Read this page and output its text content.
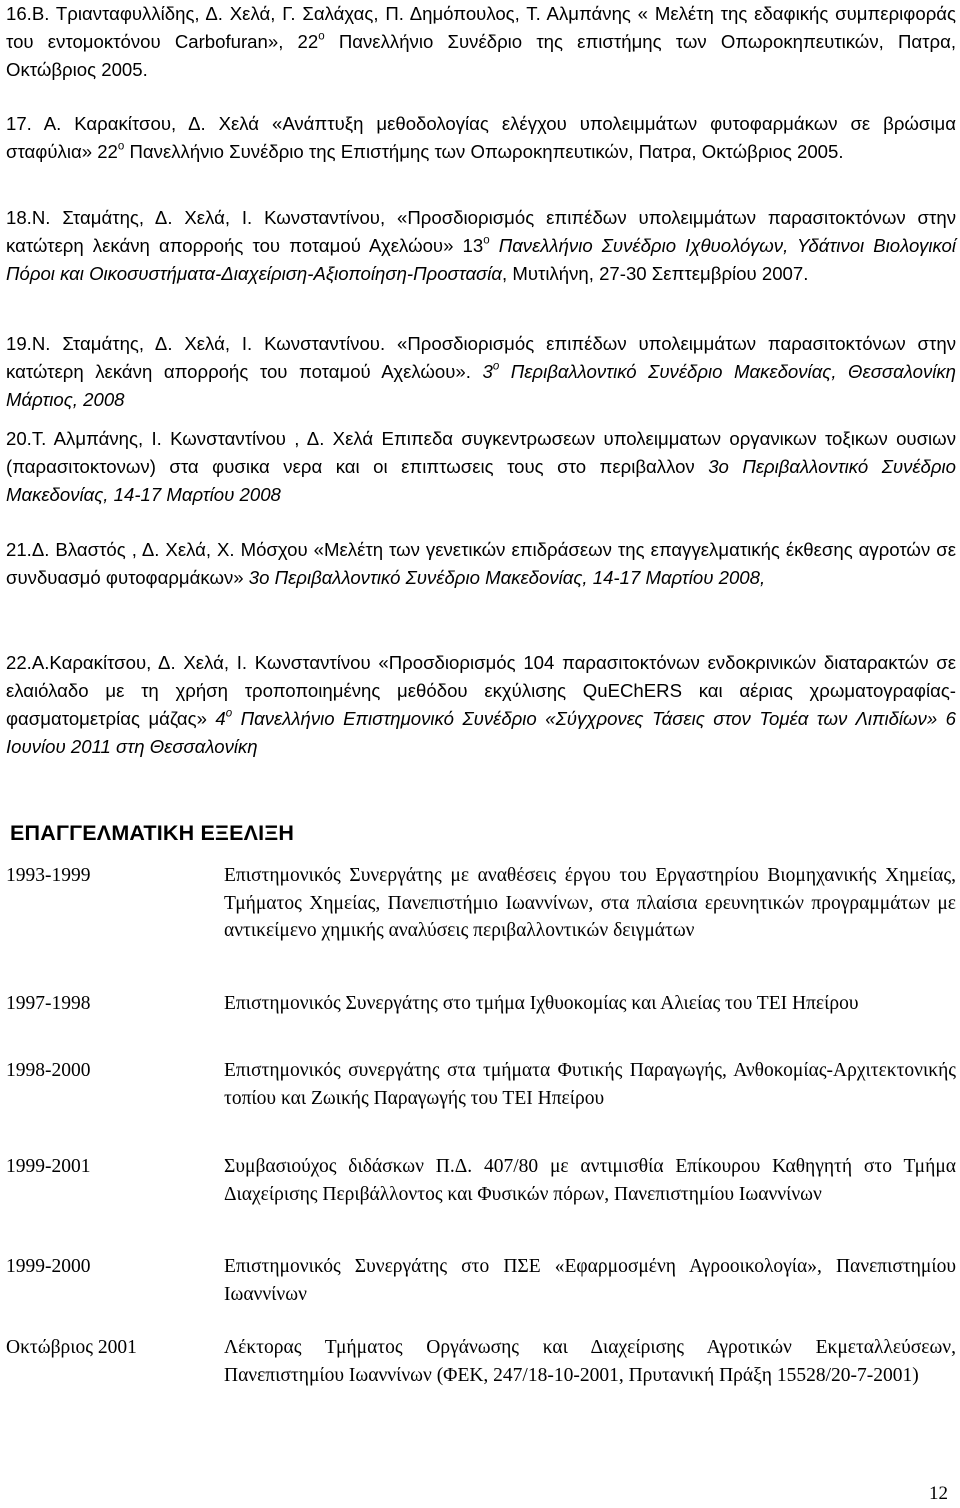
16.Β. Τριανταφυλλίδης, Δ. Χελά, Γ. Σαλάχας, Π. Δημόπουλος, Τ. Αλμπάνης « Μελέτη της εδαφικής συμπεριφοράς του εντομοκτόνου Carbofuran», $22^o$ Πανελλήνιο Συνέδριο της επιστήμης των Οπωροκηπευτικών, Πατρα, Οκτώβριος 2005.

17. Α. Καρακίτσου, Δ. Χελά «Ανάπτυξη μεθοδολογίας ελέγχου υπολειμμάτων φυτοφαρμάκων σε βρώσιμα σταφύλια» $22^o$ Πανελλήνιο Συνέδριο της Επιστήμης των Οπωροκηπευτικών, Πατρα, Οκτώβριος 2005.

18.Ν. Σταμάτης, Δ. Χελά, Ι. Κωνσταντίνου, «Προσδιορισμός επιπέδων υπολειμμάτων παρασιτοκτόνων στην κατώτερη λεκάνη απορροής του ποταμού Αχελώου» $13^o$ Πανελλήνιο Συνέδριο Ιχθυολόγων, Υδάτινοι Βιολογικοί Πόροι και Οικοσυστήματα-Διαχείριση-Αξιοποίηση-Προστασία, Μυτιλήνη, 27-30 Σεπτεμβρίου 2007.

19.Ν. Σταμάτης, Δ. Χελά, Ι. Κωνσταντίνου. «Προσδιορισμός επιπέδων υπολειμμάτων παρασιτοκτόνων στην κατώτερη λεκάνη απορροής του ποταμού Αχελώου». $3^o$ Περιβαλλοντικό Συνέδριο Μακεδονίας, Θεσσαλονίκη Μάρτιος, 2008

20.Τ. Αλμπάνης, Ι. Κωνσταντίνου , Δ. Χελά Επιπεδα συγκεντρωσεων υπολειμματων οργανικων τοξικων ουσιων (παρασιτοκτονων) στα φυσικα νερα και οι επιπτωσεις τους στο περιβαλλον 3ο Περιβαλλοντικό Συνέδριο Μακεδονίας, 14-17 Μαρτίου 2008

21.Δ. Βλαστός , Δ. Χελά, Χ. Μόσχου «Μελέτη των γενετικών επιδράσεων της επαγγελματικής έκθεσης αγροτών σε συνδυασμό φυτοφαρμάκων» 3ο Περιβαλλοντικό Συνέδριο Μακεδονίας, 14-17 Μαρτίου 2008,

22.Α.Καρακίτσου, Δ. Χελά, Ι. Κωνσταντίνου «Προσδιορισμός 104 παρασιτοκτόνων ενδοκρινικών διαταρακτών σε ελαιόλαδο με τη χρήση τροποποιημένης μεθόδου εκχύλισης QuEChERS και αέριας χρωματογραφίας- φασματομετρίας μάζας» $4^o$ Πανελλήνιο Επιστημονικό Συνέδριο «Σύγχρονες Τάσεις στον Τομέα των Λιπιδίων» 6 Ιουνίου 2011 στη Θεσσαλονίκη

ΕΠΑΓΓΕΛΜΑΤΙΚΗ ΕΞΕΛΙΞΗ
1993-1999	Επιστημονικός Συνεργάτης με αναθέσεις έργου του Εργαστηρίου Βιομηχανικής Χημείας, Τμήματος Χημείας, Πανεπιστήμιο Ιωαννίνων, στα πλαίσια ερευνητικών προγραμμάτων με αντικείμενο χημικής αναλύσεις περιβαλλοντικών δειγμάτων
1997-1998	Επιστημονικός Συνεργάτης στο τμήμα Ιχθυοκομίας και Αλιείας του ΤΕΙ Ηπείρου
1998-2000	Επιστημονικός συνεργάτης στα τμήματα Φυτικής Παραγωγής, Ανθοκομίας-Αρχιτεκτονικής τοπίου και Ζωικής Παραγωγής του ΤΕΙ Ηπείρου
1999-2001	Συμβασιούχος διδάσκων Π.Δ. 407/80 με αντιμισθία Επίκουρου Καθηγητή στο Τμήμα Διαχείρισης Περιβάλλοντος και Φυσικών πόρων, Πανεπιστημίου Ιωαννίνων
1999-2000	Επιστημονικός Συνεργάτης στο ΠΣΕ «Εφαρμοσμένη Αγροοικολογία», Πανεπιστημίου Ιωαννίνων
Οκτώβριος 2001	Λέκτορας Τμήματος Οργάνωσης και Διαχείρισης Αγροτικών Εκμεταλλεύσεων, Πανεπιστημίου Ιωαννίνων (ΦΕΚ, 247/18-10-2001, Πρυτανική Πράξη 15528/20-7-2001)
12
